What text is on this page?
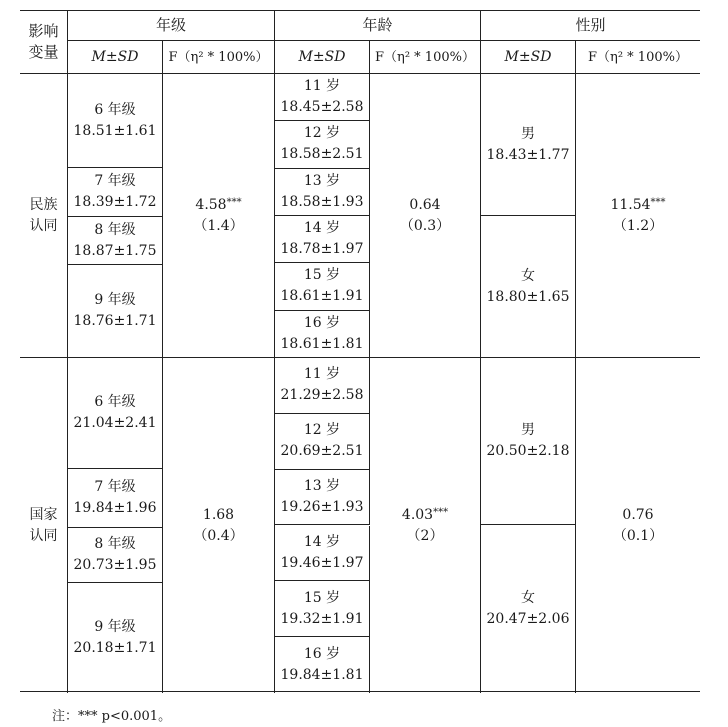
影响
变量
年级
M±SD F（η² * 100%）
年龄
M±SD F（η² * 100%）
性别
M±SD	F（η² * 100%）
民族
认同
6 年级
18.51±1.61
7 年级
18.39±1.72
8 年级
18.87±1.75
9 年级
18.76±1.71
4.58***
（1.4）
11 岁
18.45±2.58
12 岁
18.58±2.51
13 岁
18.58±1.93
14 岁
18.78±1.97
15 岁
18.61±1.91
16 岁
18.61±1.81
0.64
（0.3）
男
18.43±1.77
女
18.80±1.65
11.54***
（1.2）
国家
认同
6 年级
21.04±2.41
7 年级
19.84±1.96
8 年级
20.73±1.95
9 年级
20.18±1.71
1.68
（0.4）
11 岁
21.29±2.58
12 岁
20.69±2.51
13 岁
19.26±1.93
14 岁
19.46±1.97
15 岁
19.32±1.91
16 岁
19.84±1.81
4.03***
（2）
男
20.50±2.18
女
20.47±2.06
0.76
（0.1）
注：*** p<0.001。
